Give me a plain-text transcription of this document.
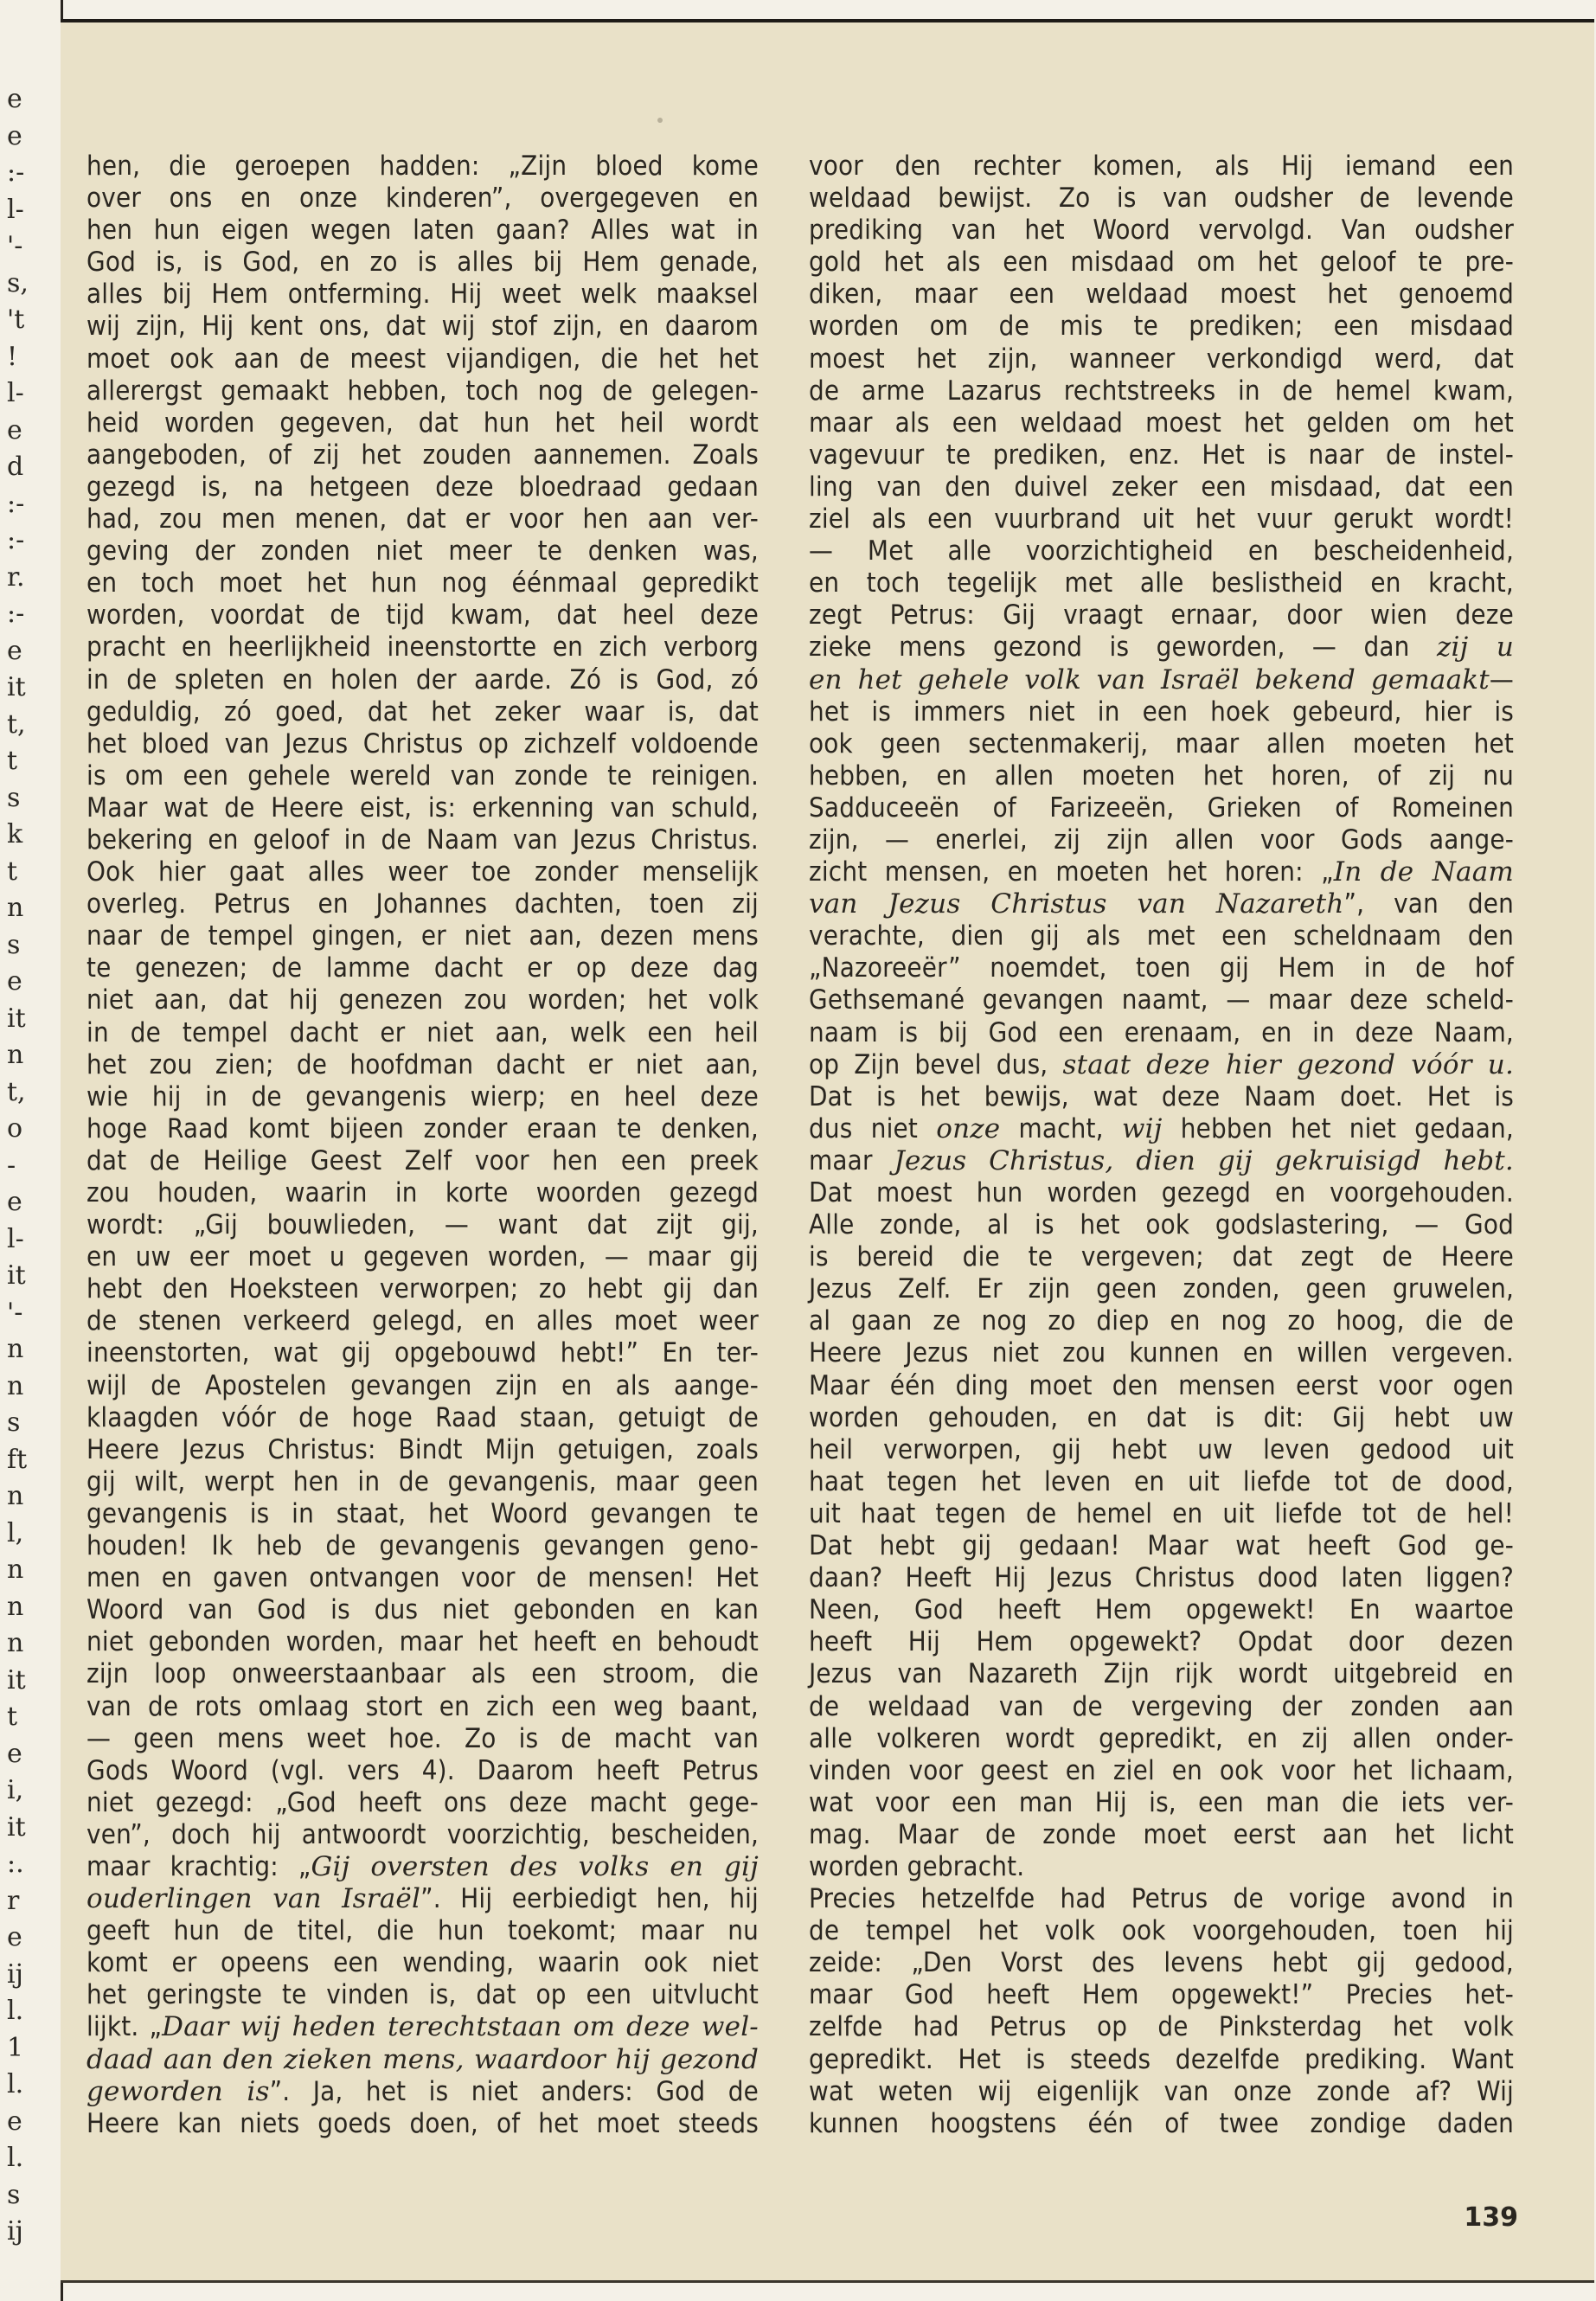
e
e
:-
l-
'-
s,
't
!
l-
e
d
:-
:-
r.
:-
e
it
t,
t
s
k
t
n
s
e
it
n
t,
o
-
e
l-
it
'-
n
n
s
ft
n
l,
n
n
n
it
t
e
i,
it
:.
r
e
ij
l.
1
l.
e
l.
s
ij
hen, die geroepen hadden: „Zijn bloed kome
over ons en onze kinderen”, overgegeven en
hen hun eigen wegen laten gaan? Alles wat in
God is, is God, en zo is alles bij Hem genade,
alles bij Hem ontferming. Hij weet welk maaksel
wij zijn, Hij kent ons, dat wij stof zijn, en daarom
moet ook aan de meest vijandigen, die het het
allerergst gemaakt hebben, toch nog de gelegen-
heid worden gegeven, dat hun het heil wordt
aangeboden, of zij het zouden aannemen. Zoals
gezegd is, na hetgeen deze bloedraad gedaan
had, zou men menen, dat er voor hen aan ver-
geving der zonden niet meer te denken was,
en toch moet het hun nog éénmaal gepredikt
worden, voordat de tijd kwam, dat heel deze
pracht en heerlijkheid ineenstortte en zich verborg
in de spleten en holen der aarde. Zó is God, zó
geduldig, zó goed, dat het zeker waar is, dat
het bloed van Jezus Christus op zichzelf voldoende
is om een gehele wereld van zonde te reinigen.
Maar wat de Heere eist, is: erkenning van schuld,
bekering en geloof in de Naam van Jezus Christus.
Ook hier gaat alles weer toe zonder menselijk
overleg. Petrus en Johannes dachten, toen zij
naar de tempel gingen, er niet aan, dezen mens
te genezen; de lamme dacht er op deze dag
niet aan, dat hij genezen zou worden; het volk
in de tempel dacht er niet aan, welk een heil
het zou zien; de hoofdman dacht er niet aan,
wie hij in de gevangenis wierp; en heel deze
hoge Raad komt bijeen zonder eraan te denken,
dat de Heilige Geest Zelf voor hen een preek
zou houden, waarin in korte woorden gezegd
wordt: „Gij bouwlieden, — want dat zijt gij,
en uw eer moet u gegeven worden, — maar gij
hebt den Hoeksteen verworpen; zo hebt gij dan
de stenen verkeerd gelegd, en alles moet weer
ineenstorten, wat gij opgebouwd hebt!” En ter-
wijl de Apostelen gevangen zijn en als aange-
klaagden vóór de hoge Raad staan, getuigt de
Heere Jezus Christus: Bindt Mijn getuigen, zoals
gij wilt, werpt hen in de gevangenis, maar geen
gevangenis is in staat, het Woord gevangen te
houden! Ik heb de gevangenis gevangen geno-
men en gaven ontvangen voor de mensen! Het
Woord van God is dus niet gebonden en kan
niet gebonden worden, maar het heeft en behoudt
zijn loop onweerstaanbaar als een stroom, die
van de rots omlaag stort en zich een weg baant,
— geen mens weet hoe. Zo is de macht van
Gods Woord (vgl. vers 4). Daarom heeft Petrus
niet gezegd: „God heeft ons deze macht gege-
ven”, doch hij antwoordt voorzichtig, bescheiden,
maar krachtig: „Gij oversten des volks en gij
ouderlingen van Israël”. Hij eerbiedigt hen, hij
geeft hun de titel, die hun toekomt; maar nu
komt er opeens een wending, waarin ook niet
het geringste te vinden is, dat op een uitvlucht
lijkt. „Daar wij heden terechtstaan om deze wel-
daad aan den zieken mens, waardoor hij gezond
geworden is”. Ja, het is niet anders: God de
Heere kan niets goeds doen, of het moet steeds
voor den rechter komen, als Hij iemand een
weldaad bewijst. Zo is van oudsher de levende
prediking van het Woord vervolgd. Van oudsher
gold het als een misdaad om het geloof te pre-
diken, maar een weldaad moest het genoemd
worden om de mis te prediken; een misdaad
moest het zijn, wanneer verkondigd werd, dat
de arme Lazarus rechtstreeks in de hemel kwam,
maar als een weldaad moest het gelden om het
vagevuur te prediken, enz. Het is naar de instel-
ling van den duivel zeker een misdaad, dat een
ziel als een vuurbrand uit het vuur gerukt wordt!
— Met alle voorzichtigheid en bescheidenheid,
en toch tegelijk met alle beslistheid en kracht,
zegt Petrus: Gij vraagt ernaar, door wien deze
zieke mens gezond is geworden, — dan zij u
en het gehele volk van Israël bekend gemaakt—
het is immers niet in een hoek gebeurd, hier is
ook geen sectenmakerij, maar allen moeten het
hebben, en allen moeten het horen, of zij nu
Sadduceeën of Farizeeën, Grieken of Romeinen
zijn, — enerlei, zij zijn allen voor Gods aange-
zicht mensen, en moeten het horen: „In de Naam
van Jezus Christus van Nazareth”, van den
verachte, dien gij als met een scheldnaam den
„Nazoreeër” noemdet, toen gij Hem in de hof
Gethsemané gevangen naamt, — maar deze scheld-
naam is bij God een erenaam, en in deze Naam,
op Zijn bevel dus, staat deze hier gezond vóór u.
Dat is het bewijs, wat deze Naam doet. Het is
dus niet onze macht, wij hebben het niet gedaan,
maar Jezus Christus, dien gij gekruisigd hebt.
Dat moest hun worden gezegd en voorgehouden.
Alle zonde, al is het ook godslastering, — God
is bereid die te vergeven; dat zegt de Heere
Jezus Zelf. Er zijn geen zonden, geen gruwelen,
al gaan ze nog zo diep en nog zo hoog, die de
Heere Jezus niet zou kunnen en willen vergeven.
Maar één ding moet den mensen eerst voor ogen
worden gehouden, en dat is dit: Gij hebt uw
heil verworpen, gij hebt uw leven gedood uit
haat tegen het leven en uit liefde tot de dood,
uit haat tegen de hemel en uit liefde tot de hel!
Dat hebt gij gedaan! Maar wat heeft God ge-
daan? Heeft Hij Jezus Christus dood laten liggen?
Neen, God heeft Hem opgewekt! En waartoe
heeft Hij Hem opgewekt? Opdat door dezen
Jezus van Nazareth Zijn rijk wordt uitgebreid en
de weldaad van de vergeving der zonden aan
alle volkeren wordt gepredikt, en zij allen onder-
vinden voor geest en ziel en ook voor het lichaam,
wat voor een man Hij is, een man die iets ver-
mag. Maar de zonde moet eerst aan het licht
worden gebracht.
Precies hetzelfde had Petrus de vorige avond in
de tempel het volk ook voorgehouden, toen hij
zeide: „Den Vorst des levens hebt gij gedood,
maar God heeft Hem opgewekt!” Precies het-
zelfde had Petrus op de Pinksterdag het volk
gepredikt. Het is steeds dezelfde prediking. Want
wat weten wij eigenlijk van onze zonde af? Wij
kunnen hoogstens één of twee zondige daden
139
